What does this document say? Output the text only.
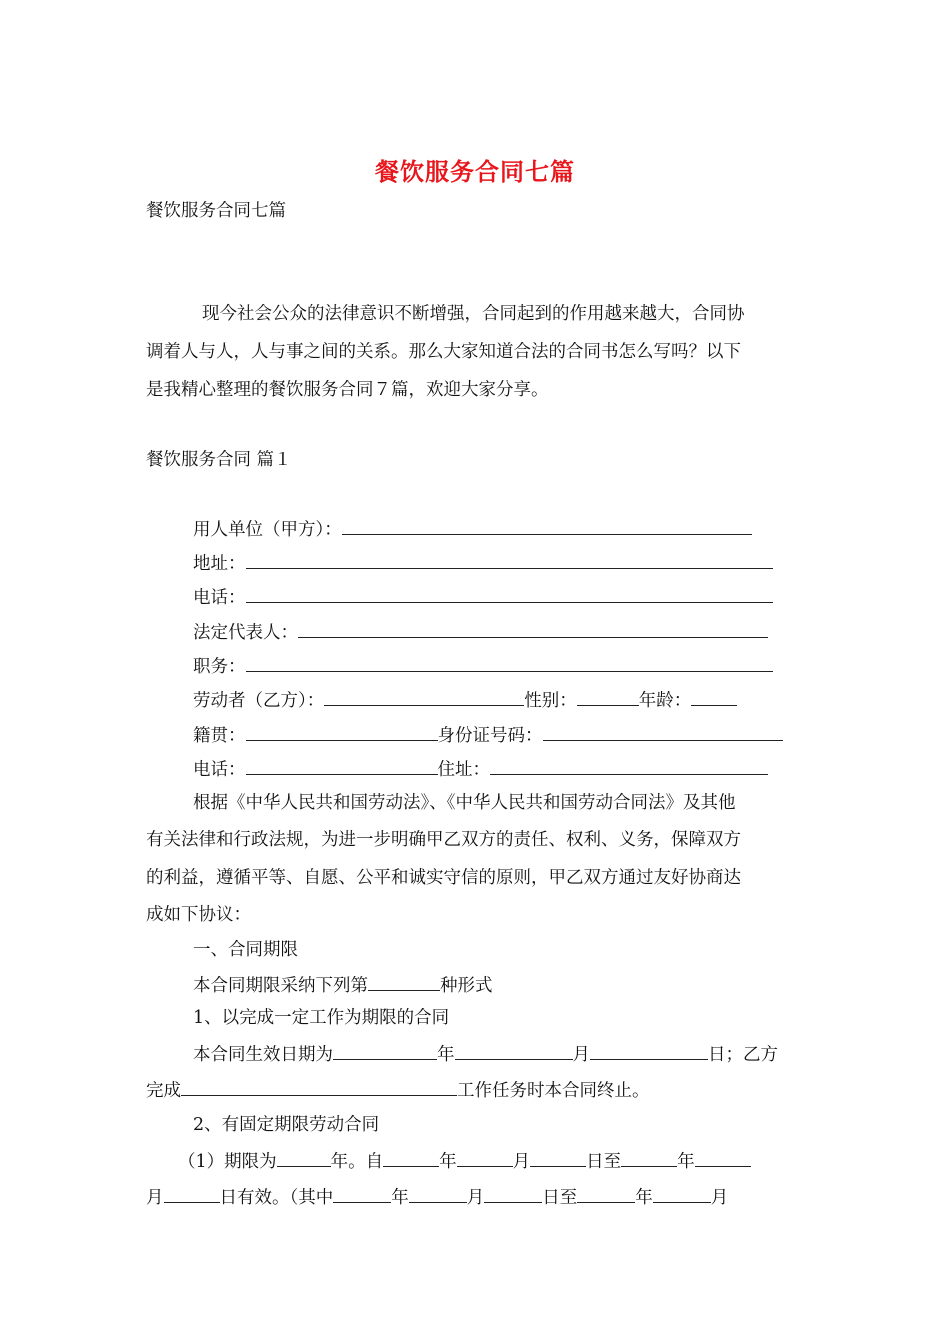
餐饮服务合同七篇
餐饮服务合同七篇
现今社会公众的法律意识不断增强，合同起到的作用越来越大，合同协
调着人与人，人与事之间的关系。那么大家知道合法的合同书怎么写吗？以下
是我精心整理的餐饮服务合同７篇，欢迎大家分享。
餐饮服务合同 篇１
用人单位（甲方）：
地址：
电话：
法定代表人：
职务：
劳动者（乙方）：	性别：	年龄：
籍贯：	身份证号码：
电话：	住址：
根据《中华人民共和国劳动法》、《中华人民共和国劳动合同法》及其他
有关法律和行政法规，为进一步明确甲乙双方的责任、权利、义务，保障双方
的利益，遵循平等、自愿、公平和诚实守信的原则，甲乙双方通过友好协商达
成如下协议：
一、合同期限
本合同期限采纳下列第	种形式
1、以完成一定工作为期限的合同
本合同生效日期为	年	月	日；乙方
完成	工作任务时本合同终止。
2、有固定期限劳动合同
（1）期限为	年。自	年	月	日至	年
月	日有效。（其中	年	月	日至	年	月
